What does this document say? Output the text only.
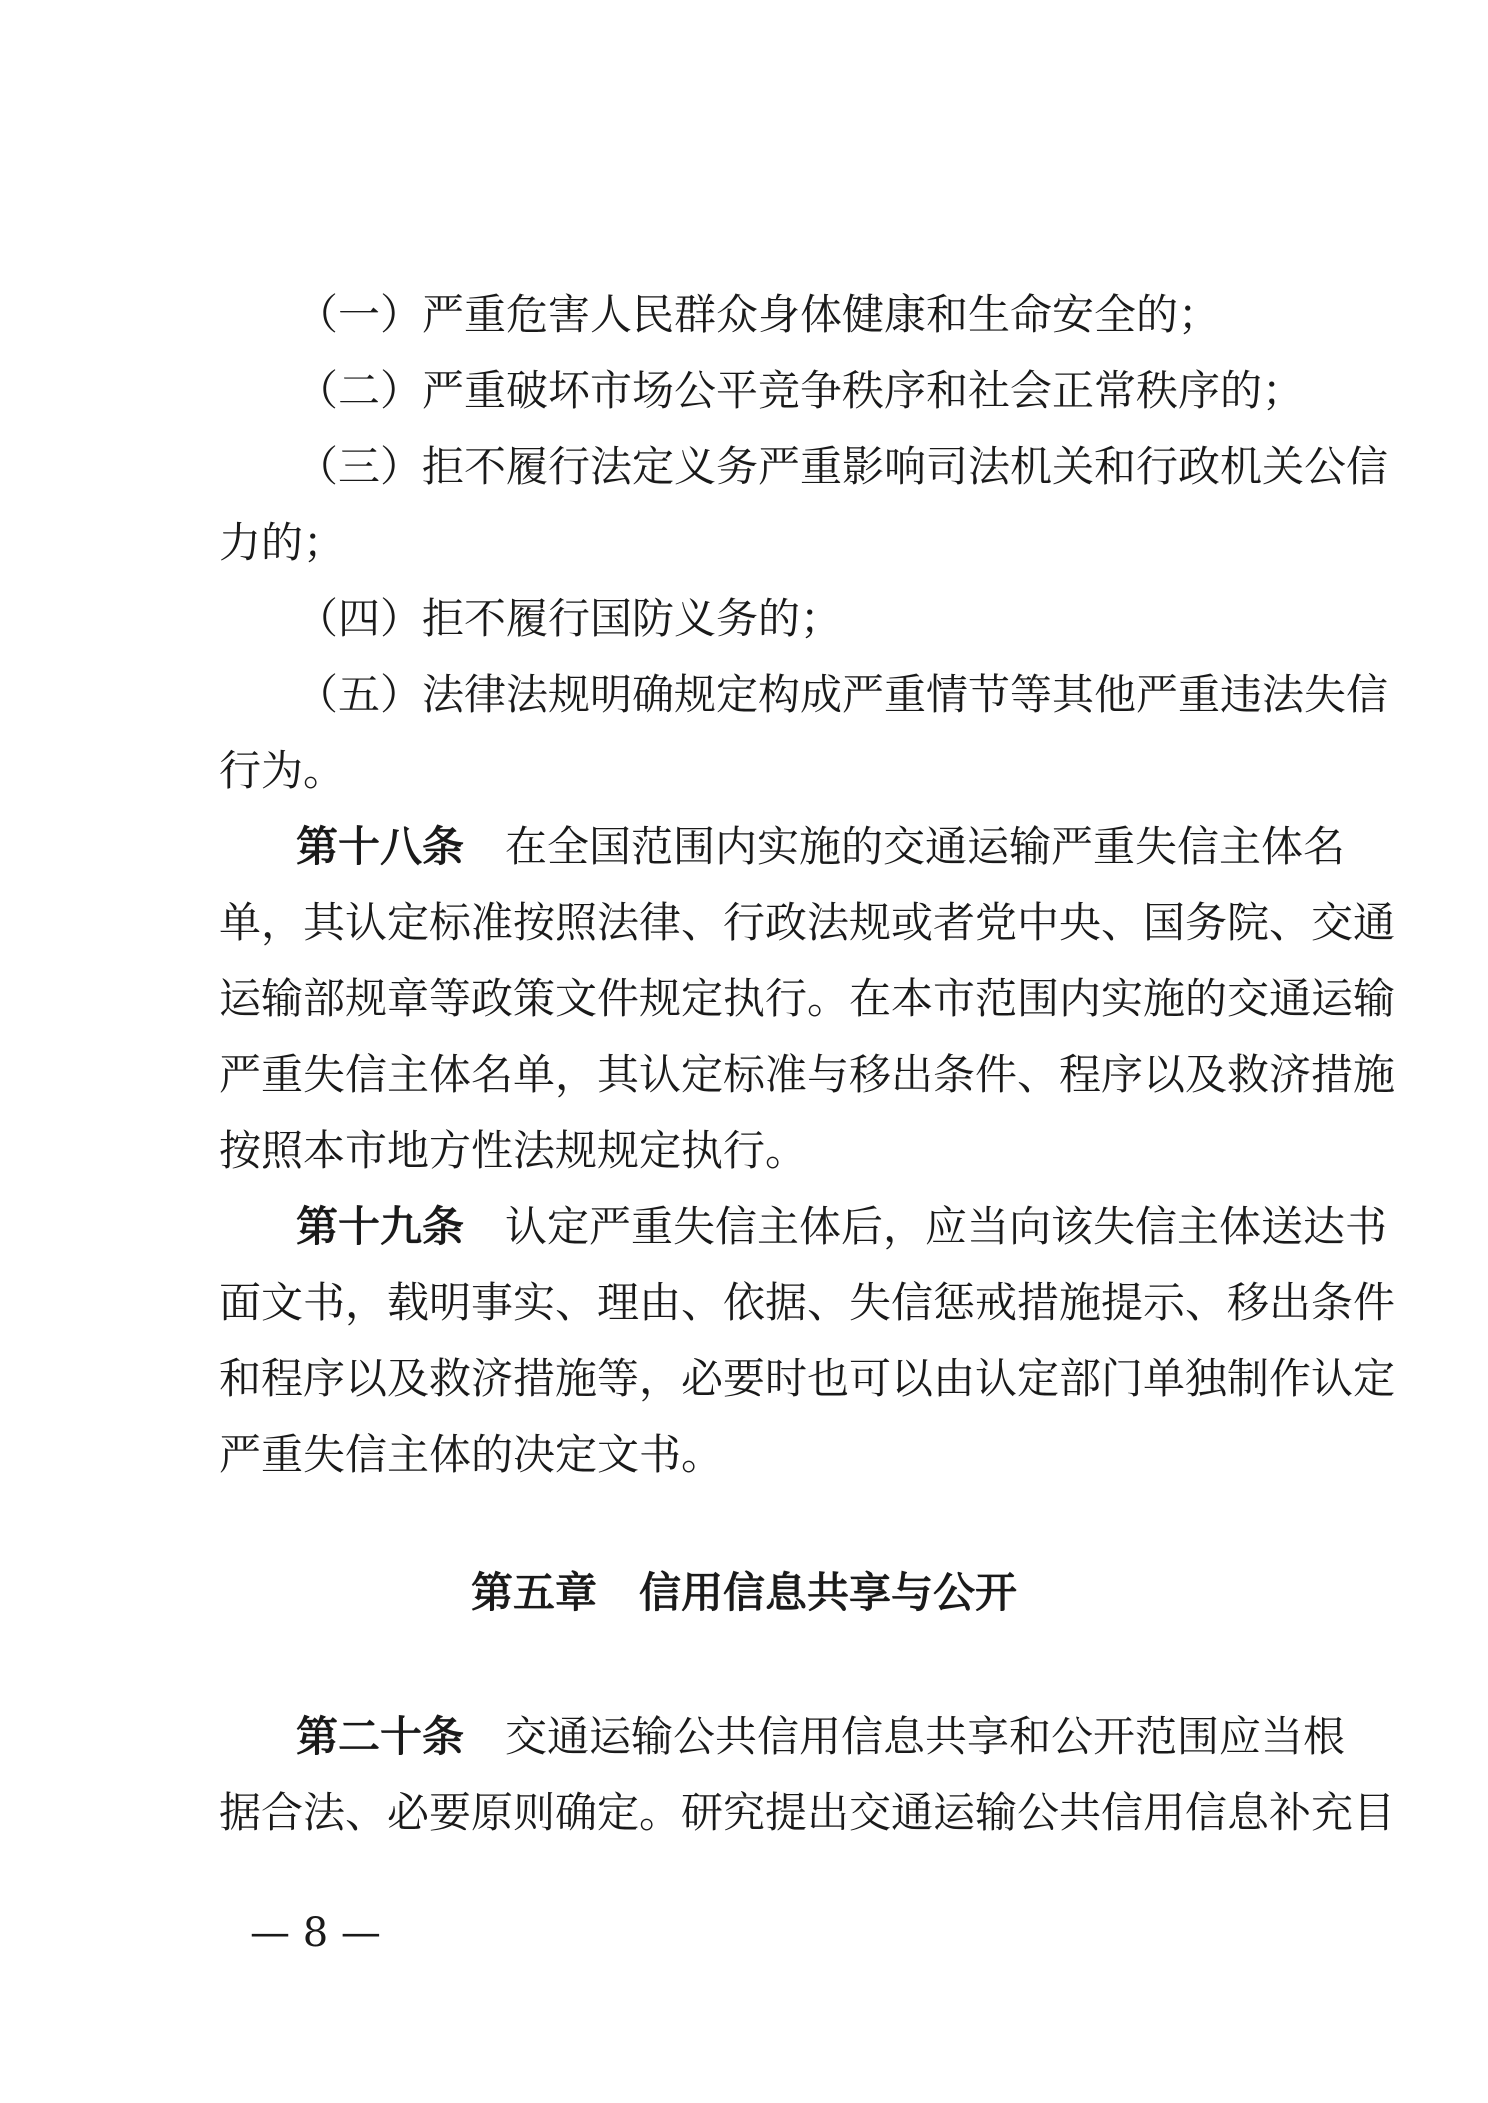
（一）严重危害人民群众身体健康和生命安全的；
（二）严重破坏市场公平竞争秩序和社会正常秩序的；
（三）拒不履行法定义务严重影响司法机关和行政机关公信
力的；
（四）拒不履行国防义务的；
（五）法律法规明确规定构成严重情节等其他严重违法失信
行为。
第十八条 在全国范围内实施的交通运输严重失信主体名
单，其认定标准按照法律、行政法规或者党中央、国务院、交通
运输部规章等政策文件规定执行。在本市范围内实施的交通运输
严重失信主体名单，其认定标准与移出条件、程序以及救济措施
按照本市地方性法规规定执行。
第十九条 认定严重失信主体后，应当向该失信主体送达书
面文书，载明事实、理由、依据、失信惩戒措施提示、移出条件
和程序以及救济措施等，必要时也可以由认定部门单独制作认定
严重失信主体的决定文书。
第五章　信用信息共享与公开
第二十条 交通运输公共信用信息共享和公开范围应当根
据合法、必要原则确定。研究提出交通运输公共信用信息补充目
— 8 —
